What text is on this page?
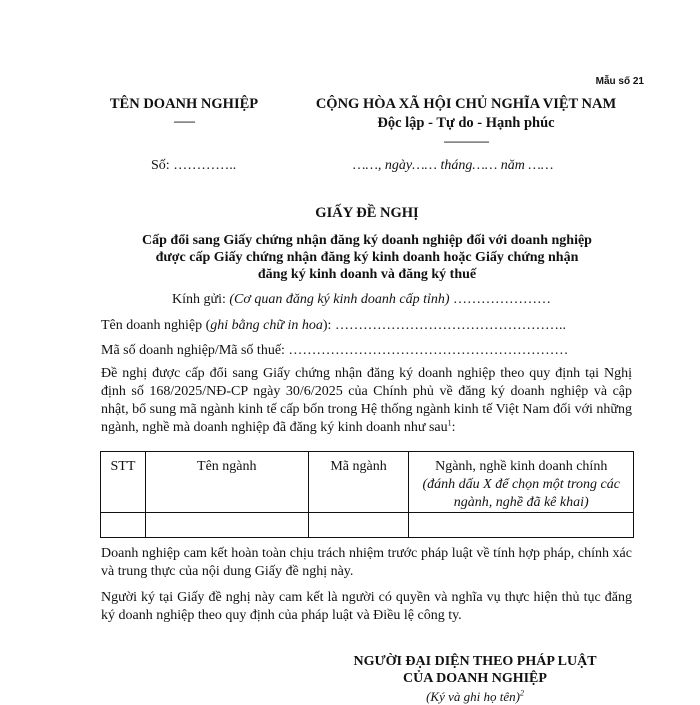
Mẫu số 21
TÊN DOANH NGHIỆP
-------
CỘNG HÒA XÃ HỘI CHỦ NGHĨA VIỆT NAM
Độc lập - Tự do - Hạnh phúc
---------------
Số: …………..	……, ngày…… tháng…… năm ……
GIẤY ĐỀ NGHỊ
Cấp đổi sang Giấy chứng nhận đăng ký doanh nghiệp đối với doanh nghiệp
được cấp Giấy chứng nhận đăng ký kinh doanh hoặc Giấy chứng nhận
đăng ký kinh doanh và đăng ký thuế
Kính gửi: (Cơ quan đăng ký kinh doanh cấp tỉnh) …………………
Tên doanh nghiệp (ghi bằng chữ in hoa): …………………………………………..
Mã số doanh nghiệp/Mã số thuế: ……………………………………………………
Đề nghị được cấp đổi sang Giấy chứng nhận đăng ký doanh nghiệp theo quy định tại Nghị định số 168/2025/NĐ-CP ngày 30/6/2025 của Chính phủ về đăng ký doanh nghiệp và cập nhật, bổ sung mã ngành kinh tế cấp bốn trong Hệ thống ngành kinh tế Việt Nam đối với những ngành, nghề mà doanh nghiệp đã đăng ký kinh doanh như sau$^1$:
STT	Tên ngành	Mã ngành	Ngành, nghề kinh doanh chính
(đánh dấu X để chọn một trong các ngành, nghề đã kê khai)

Doanh nghiệp cam kết hoàn toàn chịu trách nhiệm trước pháp luật về tính hợp pháp, chính xác và trung thực của nội dung Giấy đề nghị này.
Người ký tại Giấy đề nghị này cam kết là người có quyền và nghĩa vụ thực hiện thủ tục đăng ký doanh nghiệp theo quy định của pháp luật và Điều lệ công ty.
NGƯỜI ĐẠI DIỆN THEO PHÁP LUẬT
CỦA DOANH NGHIỆP
(Ký và ghi họ tên)$^2$
